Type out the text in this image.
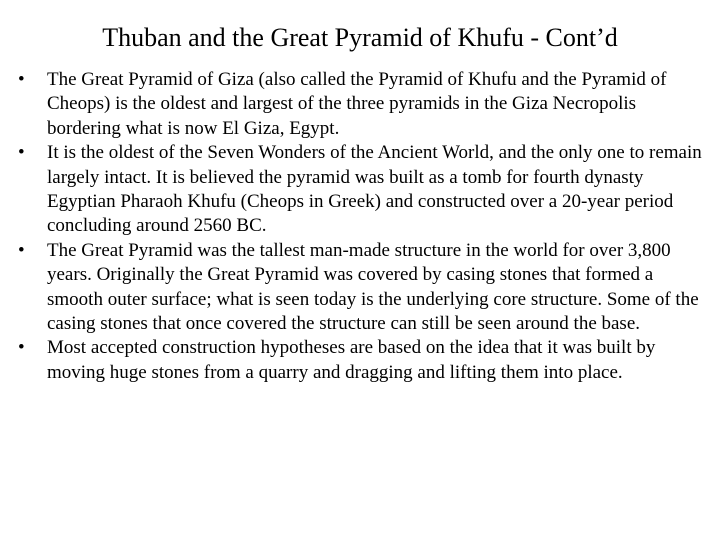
Thuban and the Great Pyramid of Khufu - Cont’d
•	The Great Pyramid of Giza (also called the Pyramid of Khufu and the Pyramid of Cheops) is the oldest and largest of the three pyramids in the Giza Necropolis bordering what is now El Giza, Egypt.
•	It is the oldest of the Seven Wonders of the Ancient World, and the only one to remain largely intact. It is believed the pyramid was built as a tomb for fourth dynasty Egyptian Pharaoh Khufu (Cheops in Greek) and constructed over a 20-year period concluding around 2560 BC.
•	The Great Pyramid was the tallest man-made structure in the world for over 3,800 years. Originally the Great Pyramid was covered by casing stones that formed a smooth outer surface; what is seen today is the underlying core structure. Some of the casing stones that once covered the structure can still be seen around the base.
•	Most accepted construction hypotheses are based on the idea that it was built by moving huge stones from a quarry and dragging and lifting them into place.
